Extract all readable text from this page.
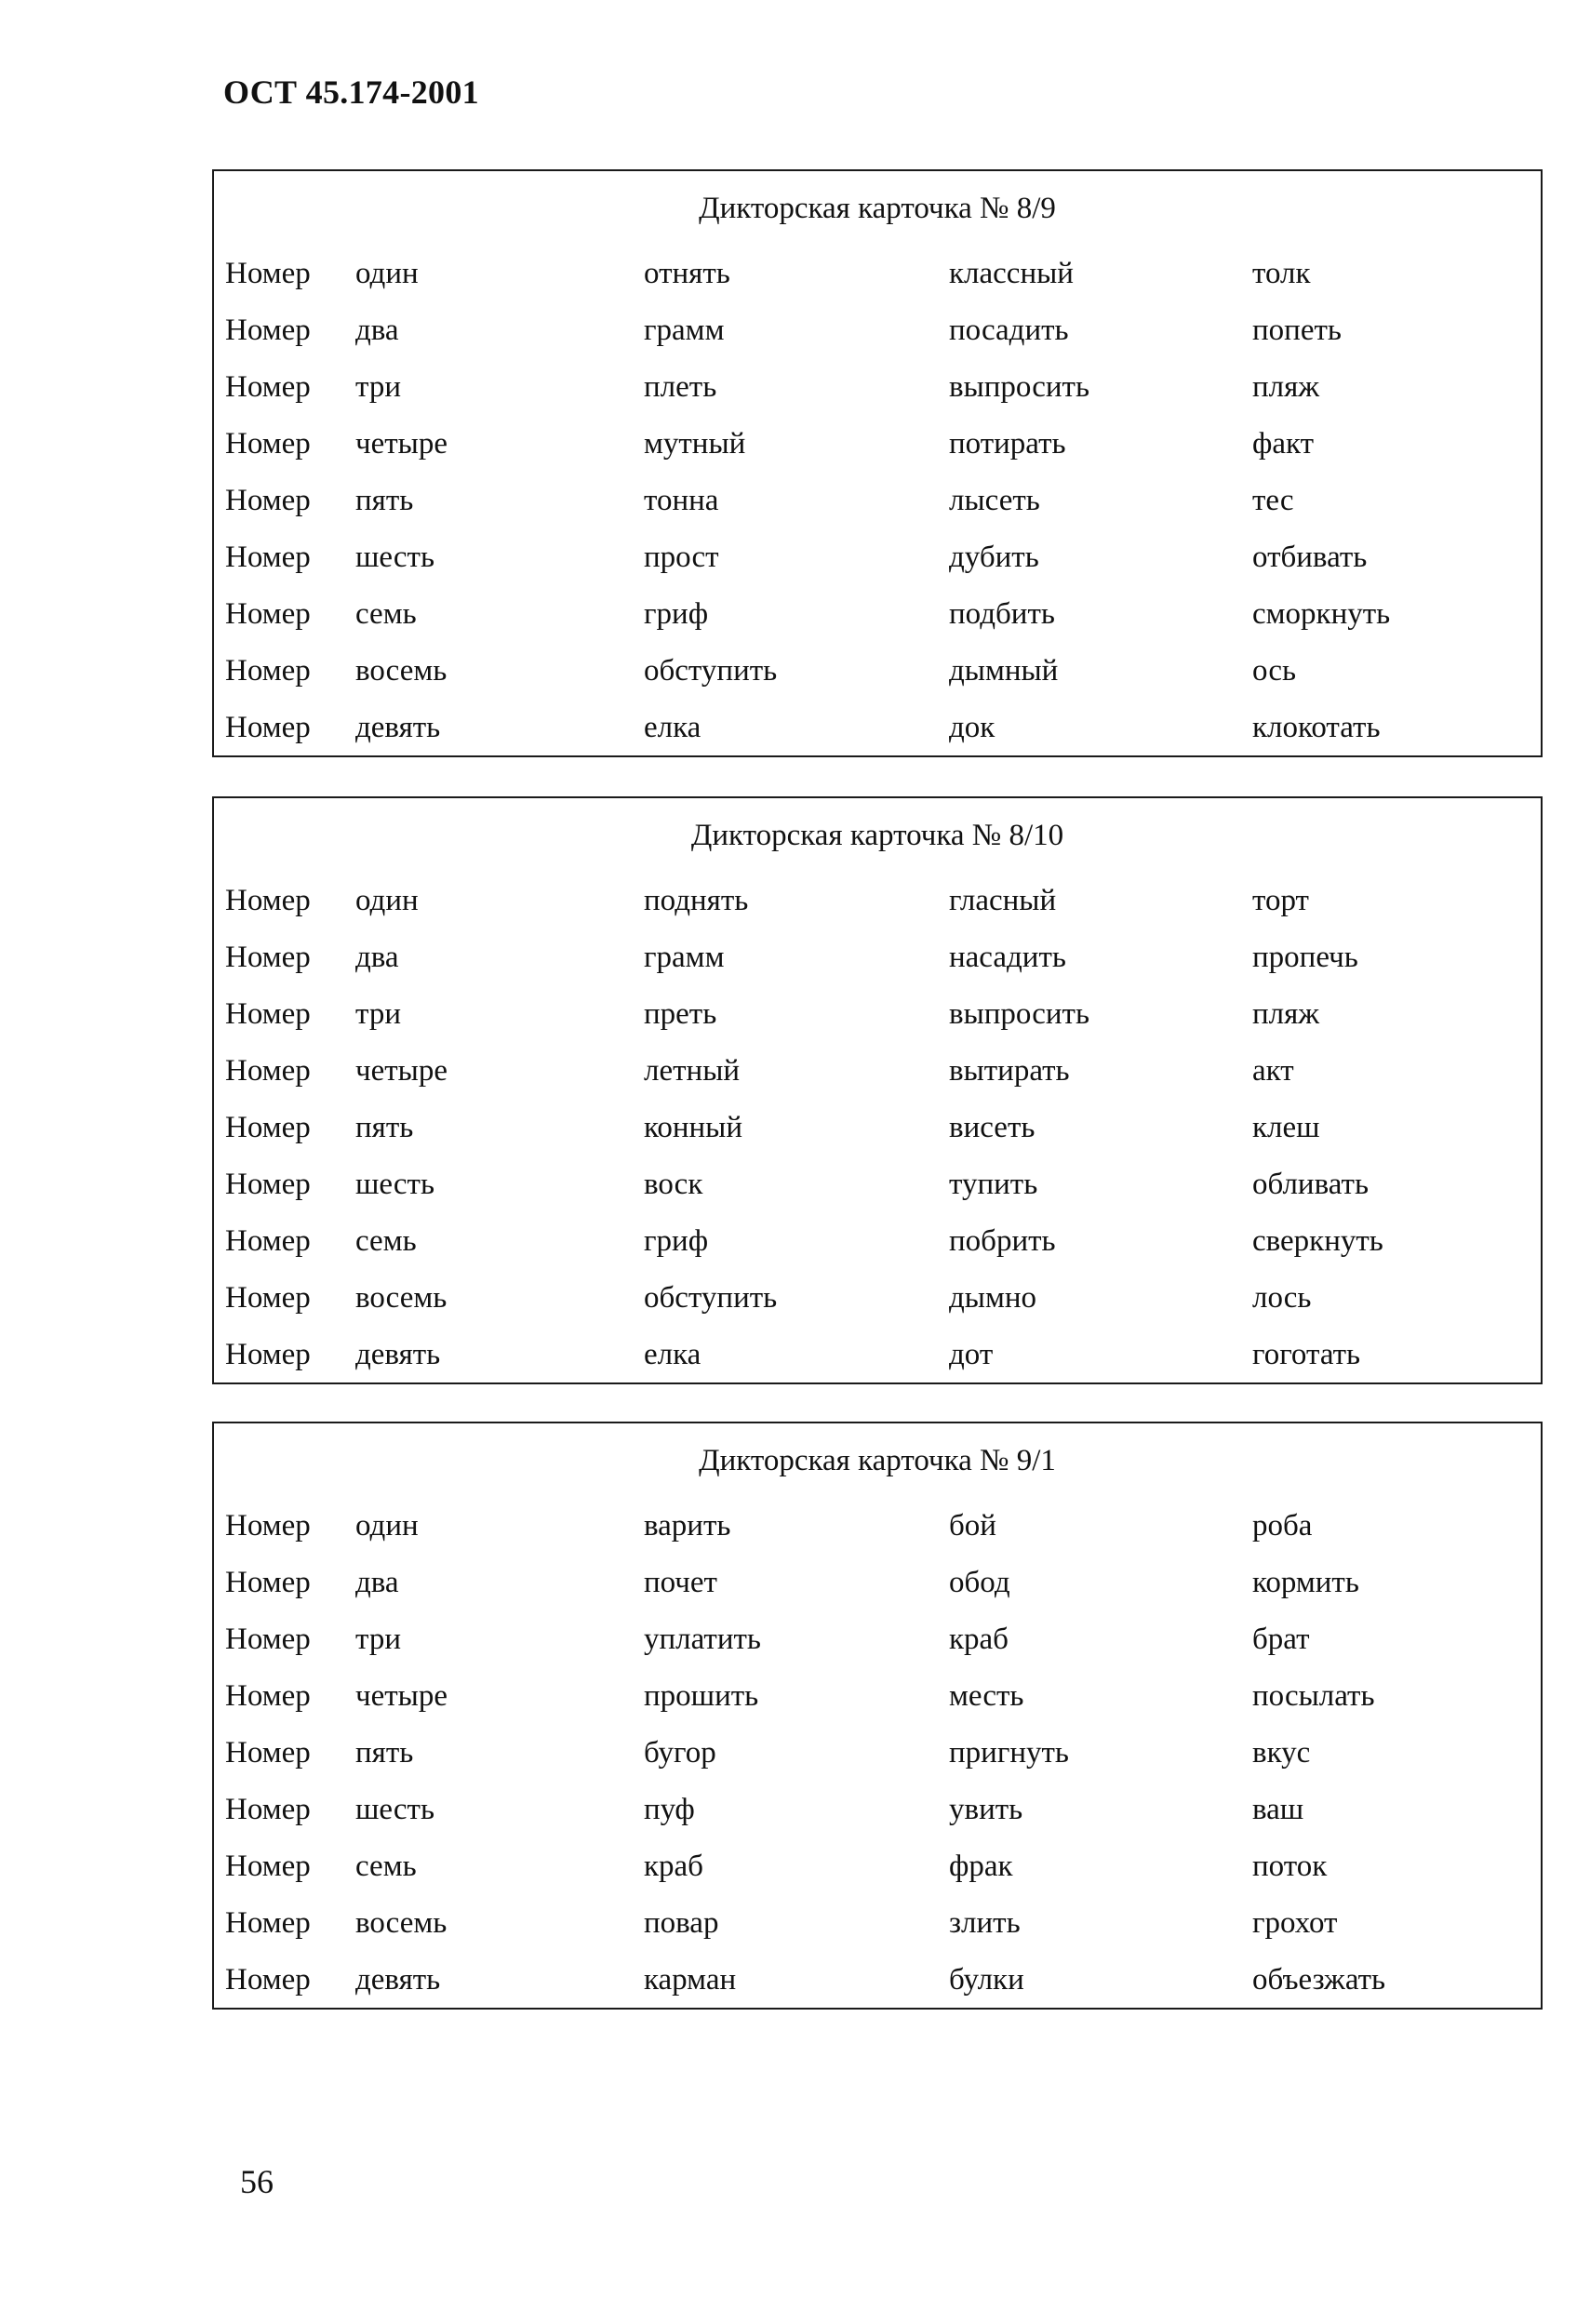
ОСТ 45.174-2001
Дикторская карточка № 8/9
Номер один	отнять	классный	толк
Номер два	грамм	посадить	попеть
Номер три	плеть	выпросить	пляж
Номер четыре	мутный	потирать	факт
Номер пять	тонна	лысеть	тес
Номер шесть	прост	дубить	отбивать
Номер семь	гриф	подбить	сморкнуть
Номер восемь	обступить	дымный	ось
Номер девять	елка	док	клокотать
Дикторская карточка № 8/10
Номер один	поднять	гласный	торт
Номер два	грамм	насадить	пропечь
Номер три	преть	выпросить	пляж
Номер четыре	летный	вытирать	акт
Номер пять	конный	висеть	клеш
Номер шесть	воск	тупить	обливать
Номер семь	гриф	побрить	сверкнуть
Номер восемь	обступить	дымно	лось
Номер девять	елка	дот	гоготать
Дикторская карточка № 9/1
Номер один	варить	бой	роба
Номер два	почет	обод	кормить
Номер три	уплатить	краб	брат
Номер четыре	прошить	месть	посылать
Номер пять	бугор	пригнуть	вкус
Номер шесть	пуф	увить	ваш
Номер семь	краб	фрак	поток
Номер восемь	повар	злить	грохот
Номер девять	карман	булки	объезжать
56
